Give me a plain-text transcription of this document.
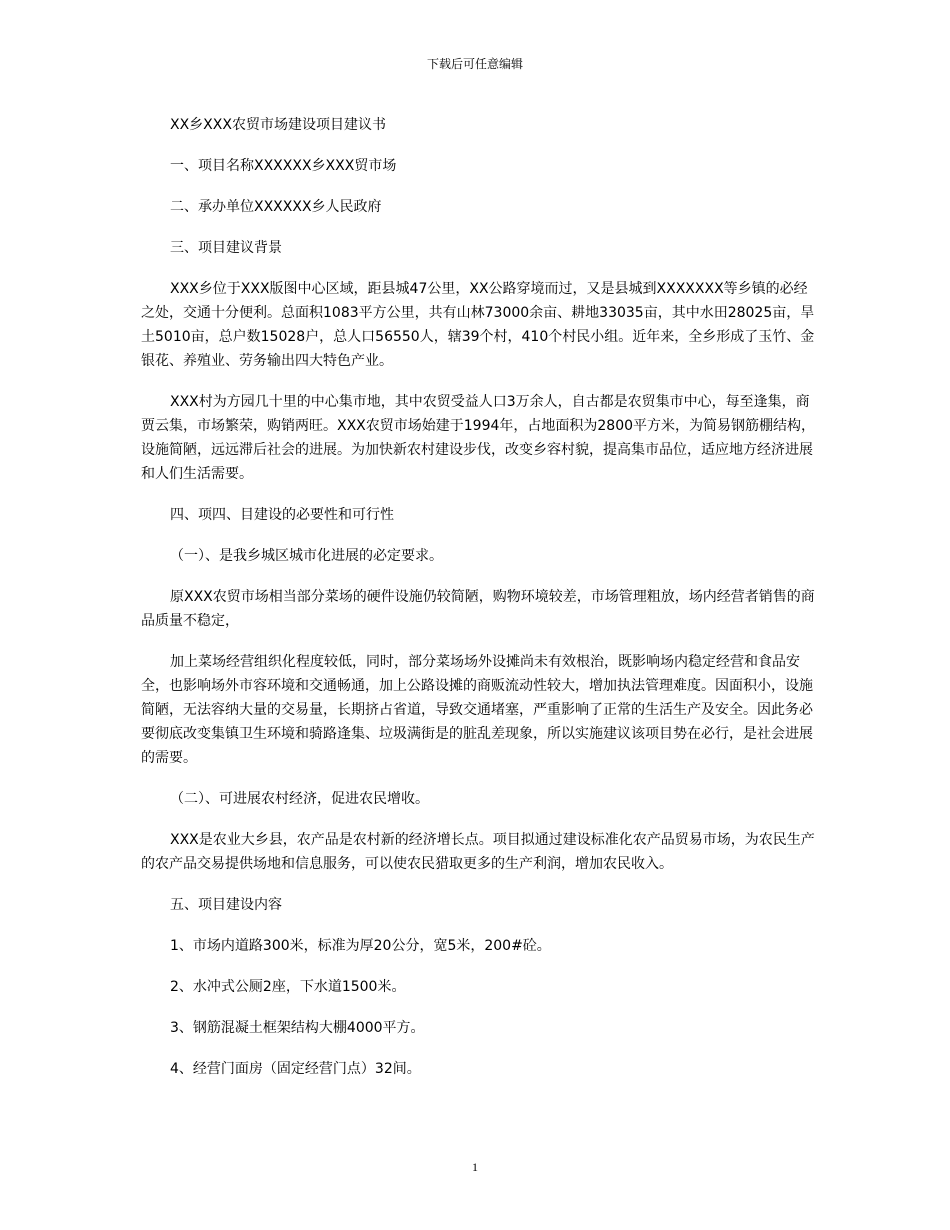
下载后可任意编辑

XX乡XXX农贸市场建设项目建议书

一、项目名称XXXXXX乡XXX贸市场

二、承办单位XXXXXX乡人民政府

三、项目建议背景

XXX乡位于XXX版图中心区域，距县城47公里，XX公路穿境而过，又是县城到XXXXXXX等乡镇的必经之处，交通十分便利。总面积1083平方公里，共有山林73000余亩、耕地33035亩，其中水田28025亩，旱土5010亩，总户数15028户，总人口56550人，辖39个村，410个村民小组。近年来，全乡形成了玉竹、金银花、养殖业、劳务输出四大特色产业。

XXX村为方园几十里的中心集市地，其中农贸受益人口3万余人，自古都是农贸集市中心，每至逢集，商贾云集，市场繁荣，购销两旺。XXX农贸市场始建于1994年，占地面积为2800平方米，为简易钢筋棚结构，设施简陋，远远滞后社会的进展。为加快新农村建设步伐，改变乡容村貌，提高集市品位，适应地方经济进展和人们生活需要。

四、项四、目建设的必要性和可行性

（一）、是我乡城区城市化进展的必定要求。

原XXX农贸市场相当部分菜场的硬件设施仍较简陋，购物环境较差，市场管理粗放，场内经营者销售的商品质量不稳定，

加上菜场经营组织化程度较低，同时，部分菜场场外设摊尚未有效根治，既影响场内稳定经营和食品安全，也影响场外市容环境和交通畅通，加上公路设摊的商贩流动性较大，增加执法管理难度。因面积小，设施简陋，无法容纳大量的交易量，长期挤占省道，导致交通堵塞，严重影响了正常的生活生产及安全。因此务必要彻底改变集镇卫生环境和骑路逢集、垃圾满街是的脏乱差现象，所以实施建议该项目势在必行，是社会进展的需要。

（二）、可进展农村经济，促进农民增收。

XXX是农业大乡县，农产品是农村新的经济增长点。项目拟通过建设标准化农产品贸易市场，为农民生产的农产品交易提供场地和信息服务，可以使农民猎取更多的生产利润，增加农民收入。

五、项目建设内容

1、市场内道路300米，标准为厚20公分，宽5米，200#砼。

2、水冲式公厕2座，下水道1500米。

3、钢筋混凝土框架结构大棚4000平方。

4、经营门面房（固定经营门点）32间。

1
